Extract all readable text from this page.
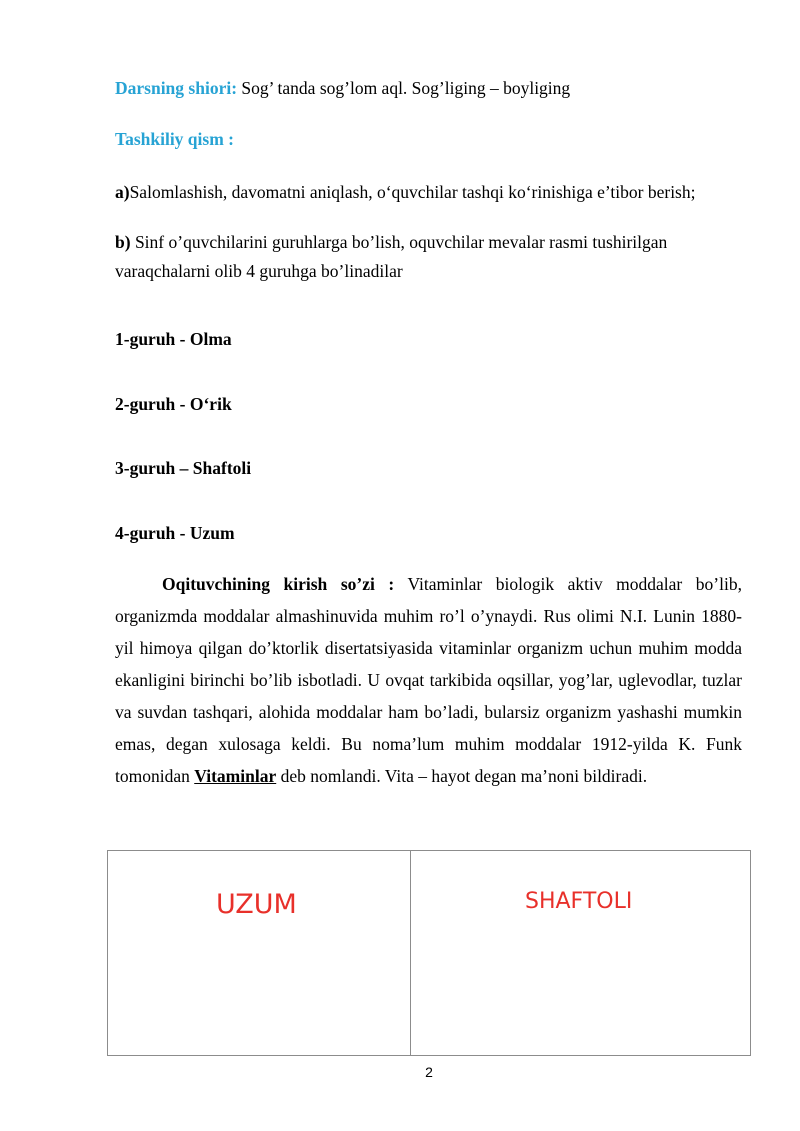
Darsning shiori: Sog’ tanda sog’lom aql. Sog’liging – boyliging

Tashkiliy qism :

a)Salomlashish, davomatni aniqlash, o‘quvchilar tashqi ko‘rinishiga e’tibor berish;

b) Sinf o’quvchilarini guruhlarga bo’lish, oquvchilar mevalar rasmi tushirilgan

varaqchalarni olib 4 guruhga bo’linadilar

1-guruh - Olma

2-guruh - O‘rik

3-guruh – Shaftoli

4-guruh - Uzum

Oqituvchining kirish so’zi : Vitaminlar biologik aktiv moddalar bo’lib, organizmda moddalar almashinuvida muhim ro’l o’ynaydi. Rus olimi N.I. Lunin 1880-yil himoya qilgan do’ktorlik disertatsiyasida vitaminlar organizm uchun muhim modda ekanligini birinchi bo’lib isbotladi. U ovqat tarkibida oqsillar, yog’lar, uglevodlar, tuzlar va suvdan tashqari, alohida moddalar ham bo’ladi, bularsiz organizm yashashi mumkin emas, degan xulosaga keldi. Bu noma’lum muhim moddalar 1912-yilda K. Funk tomonidan Vitaminlar deb nomlandi. Vita – hayot degan ma’noni bildiradi.

UZUM	SHAFTOLI
2
